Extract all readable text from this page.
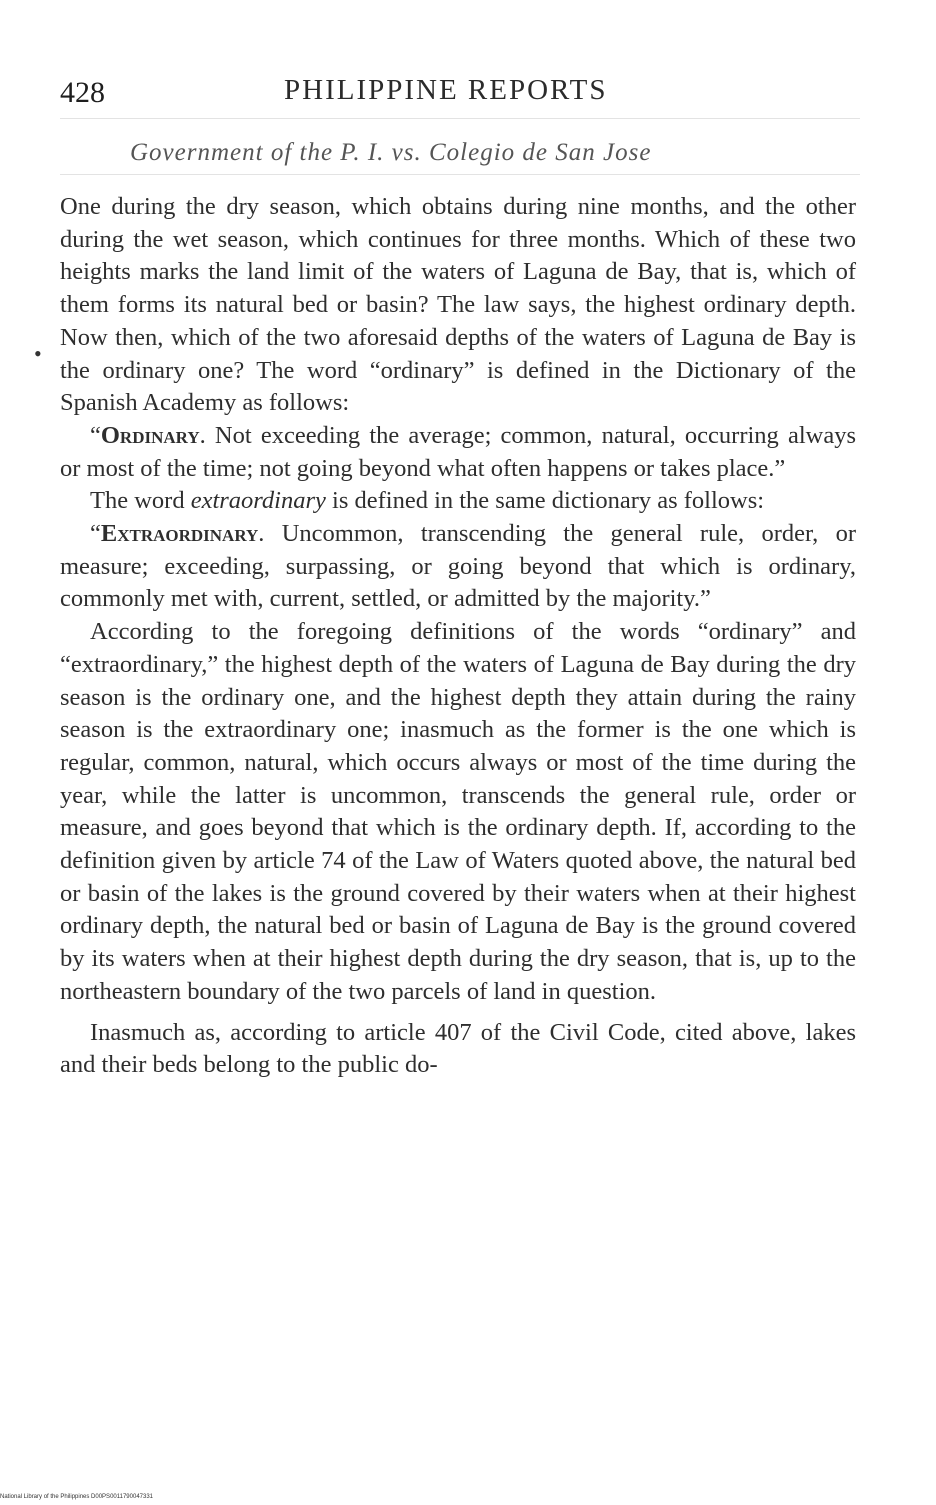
428	PHILIPPINE REPORTS
Government of the P. I. vs. Colegio de San Jose
•

One during the dry season, which obtains during nine months, and the other during the wet season, which continues for three months. Which of these two heights marks the land limit of the waters of Laguna de Bay, that is, which of them forms its natural bed or basin? The law says, the highest ordinary depth. Now then, which of the two aforesaid depths of the waters of Laguna de Bay is the ordinary one? The word “ordinary” is defined in the Dictionary of the Spanish Academy as follows:

“Ordinary. Not exceeding the average; common, natural, occurring always or most of the time; not going beyond what often happens or takes place.”

The word extraordinary is defined in the same dictionary as follows:

“Extraordinary. Uncommon, transcending the general rule, order, or measure; exceeding, surpassing, or going beyond that which is ordinary, commonly met with, current, settled, or admitted by the majority.”

According to the foregoing definitions of the words “ordinary” and “extraordinary,” the highest depth of the waters of Laguna de Bay during the dry season is the ordinary one, and the highest depth they attain during the rainy season is the extraordinary one; inasmuch as the former is the one which is regular, common, natural, which occurs always or most of the time during the year, while the latter is uncommon, transcends the general rule, order or measure, and goes beyond that which is the ordinary depth. If, according to the definition given by article 74 of the Law of Waters quoted above, the natural bed or basin of the lakes is the ground covered by their waters when at their highest ordinary depth, the natural bed or basin of Laguna de Bay is the ground covered by its waters when at their highest depth during the dry season, that is, up to the northeastern boundary of the two parcels of land in question.

Inasmuch as, according to article 407 of the Civil Code, cited above, lakes and their beds belong to the public do-

National Library of the Philippines D00PS0011790047331
